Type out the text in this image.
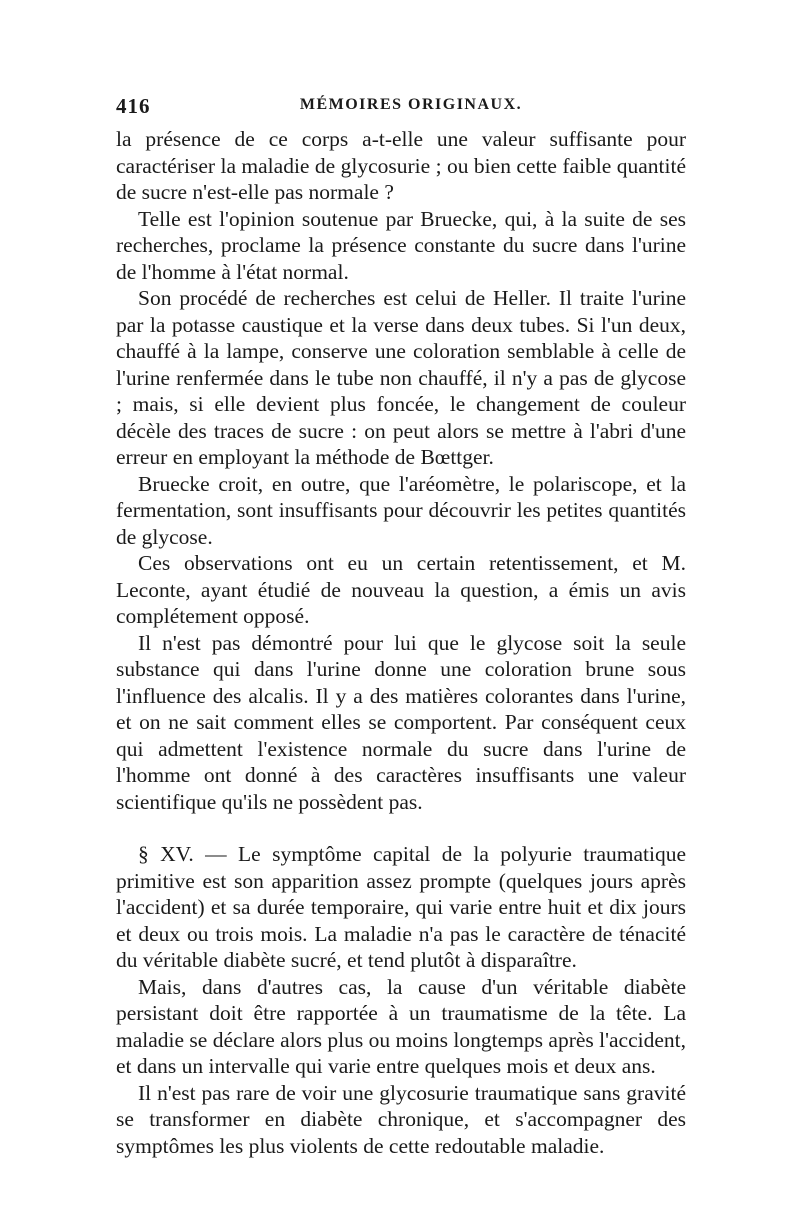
416	MÉMOIRES ORIGINAUX.

la présence de ce corps a-t-elle une valeur suffisante pour caractériser la maladie de glycosurie ; ou bien cette faible quantité de sucre n'est-elle pas normale ?

Telle est l'opinion soutenue par Bruecke, qui, à la suite de ses recherches, proclame la présence constante du sucre dans l'urine de l'homme à l'état normal.

Son procédé de recherches est celui de Heller. Il traite l'urine par la potasse caustique et la verse dans deux tubes. Si l'un deux, chauffé à la lampe, conserve une coloration semblable à celle de l'urine renfermée dans le tube non chauffé, il n'y a pas de glycose ; mais, si elle devient plus foncée, le changement de couleur décèle des traces de sucre : on peut alors se mettre à l'abri d'une erreur en employant la méthode de Bœttger.

Bruecke croit, en outre, que l'aréomètre, le polariscope, et la fermentation, sont insuffisants pour découvrir les petites quantités de glycose.

Ces observations ont eu un certain retentissement, et M. Leconte, ayant étudié de nouveau la question, a émis un avis complétement opposé.

Il n'est pas démontré pour lui que le glycose soit la seule substance qui dans l'urine donne une coloration brune sous l'influence des alcalis. Il y a des matières colorantes dans l'urine, et on ne sait comment elles se comportent. Par conséquent ceux qui admettent l'existence normale du sucre dans l'urine de l'homme ont donné à des caractères insuffisants une valeur scientifique qu'ils ne possèdent pas.

§ XV. — Le symptôme capital de la polyurie traumatique primitive est son apparition assez prompte (quelques jours après l'accident) et sa durée temporaire, qui varie entre huit et dix jours et deux ou trois mois. La maladie n'a pas le caractère de ténacité du véritable diabète sucré, et tend plutôt à disparaître.

Mais, dans d'autres cas, la cause d'un véritable diabète persistant doit être rapportée à un traumatisme de la tête. La maladie se déclare alors plus ou moins longtemps après l'accident, et dans un intervalle qui varie entre quelques mois et deux ans.

Il n'est pas rare de voir une glycosurie traumatique sans gravité se transformer en diabète chronique, et s'accompagner des symptômes les plus violents de cette redoutable maladie.
